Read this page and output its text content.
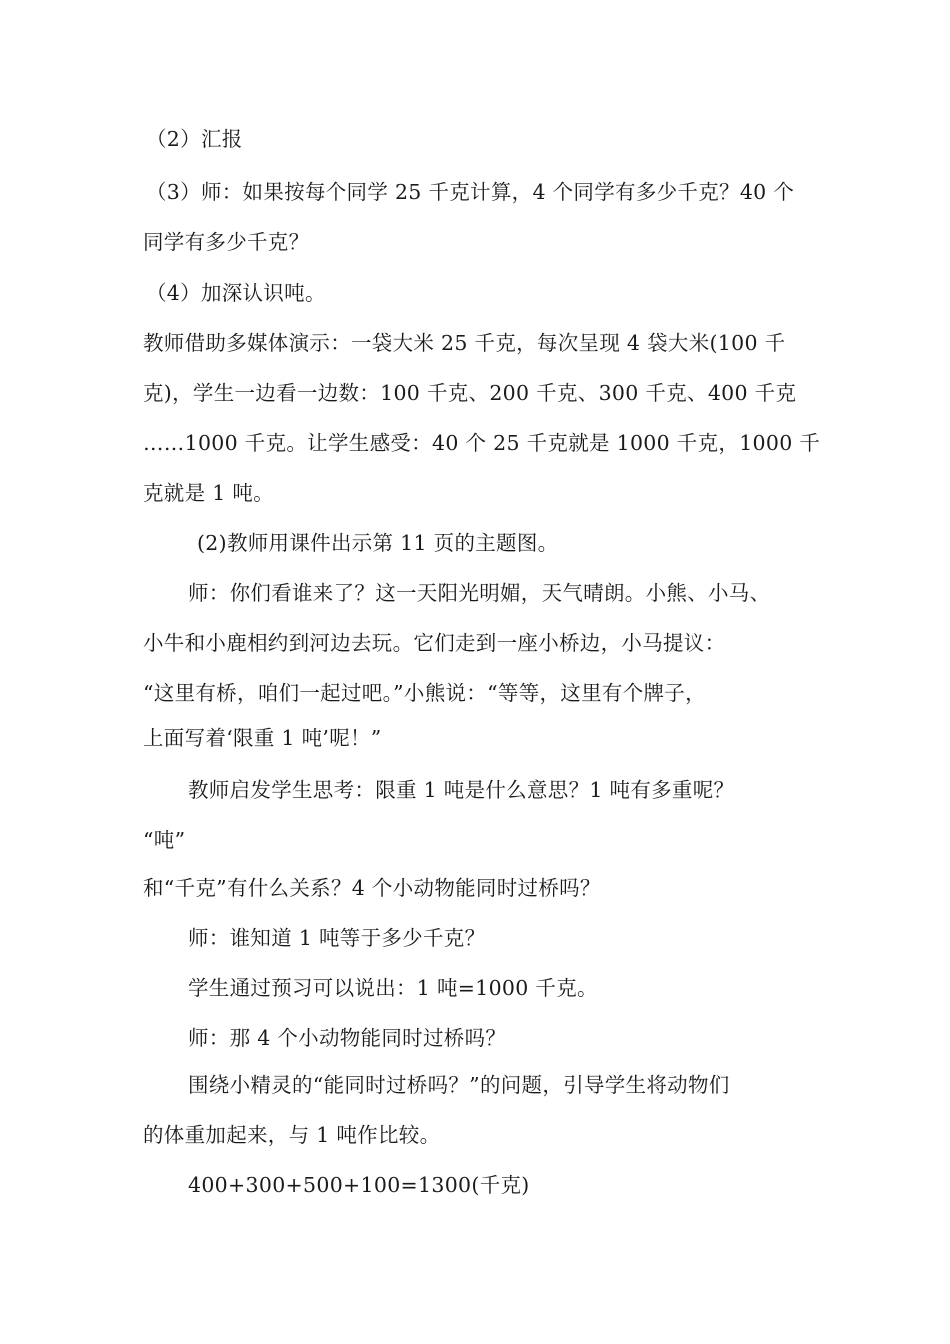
（2）汇报
（3）师：如果按每个同学 25 千克计算，4 个同学有多少千克？40 个
同学有多少千克？
（4）加深认识吨。
教师借助多媒体演示：一袋大米 25 千克，每次呈现 4 袋大米(100 千
克)，学生一边看一边数：100 千克、200 千克、300 千克、400 千克
……1000 千克。让学生感受：40 个 25 千克就是 1000 千克，1000 千
克就是 1 吨。
(2)教师用课件出示第 11 页的主题图。
师：你们看谁来了？这一天阳光明媚，天气晴朗。小熊、小马、
小牛和小鹿相约到河边去玩。它们走到一座小桥边，小马提议：
“这里有桥，咱们一起过吧。”小熊说：“等等，这里有个牌子，
上面写着‘限重 1 吨’呢！”
教师启发学生思考：限重 1 吨是什么意思？1 吨有多重呢？
“吨”
和“千克”有什么关系？4 个小动物能同时过桥吗？
师：谁知道 1 吨等于多少千克？
学生通过预习可以说出：1 吨=1000 千克。
师：那 4 个小动物能同时过桥吗？
围绕小精灵的“能同时过桥吗？”的问题，引导学生将动物们
的体重加起来，与 1 吨作比较。
400+300+500+100=1300(千克)
